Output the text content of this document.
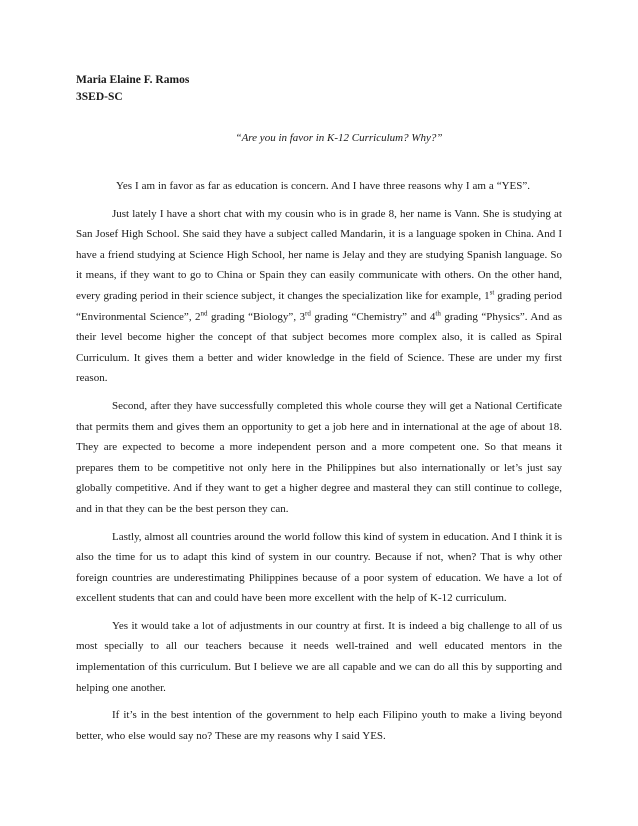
Maria Elaine F. Ramos
3SED-SC
“Are you in favor in K-12 Curriculum? Why?”

Yes I am in favor as far as education is concern. And I have three reasons why I am a “YES”.

Just lately I have a short chat with my cousin who is in grade 8, her name is Vann. She is studying at San Josef High School. She said they have a subject called Mandarin, it is a language spoken in China. And I have a friend studying at Science High School, her name is Jelay and they are studying Spanish language. So it means, if they want to go to China or Spain they can easily communicate with others. On the other hand, every grading period in their science subject, it changes the specialization like for example, 1st grading period “Environmental Science”, 2nd grading “Biology”, 3rd grading “Chemistry” and 4th grading “Physics”. And as their level become higher the concept of that subject becomes more complex also, it is called as Spiral Curriculum. It gives them a better and wider knowledge in the field of Science. These are under my first reason.

Second, after they have successfully completed this whole course they will get a National Certificate that permits them and gives them an opportunity to get a job here and in international at the age of about 18. They are expected to become a more independent person and a more competent one. So that means it prepares them to be competitive not only here in the Philippines but also internationally or let’s just say globally competitive. And if they want to get a higher degree and masteral they can still continue to college, and in that they can be the best person they can.

Lastly, almost all countries around the world follow this kind of system in education. And I think it is also the time for us to adapt this kind of system in our country. Because if not, when? That is why other foreign countries are underestimating Philippines because of a poor system of education. We have a lot of excellent students that can and could have been more excellent with the help of K-12 curriculum.

Yes it would take a lot of adjustments in our country at first. It is indeed a big challenge to all of us most specially to all our teachers because it needs well-trained and well educated mentors in the implementation of this curriculum. But I believe we are all capable and we can do all this by supporting and helping one another.

If it’s in the best intention of the government to help each Filipino youth to make a living beyond better, who else would say no? These are my reasons why I said YES.
